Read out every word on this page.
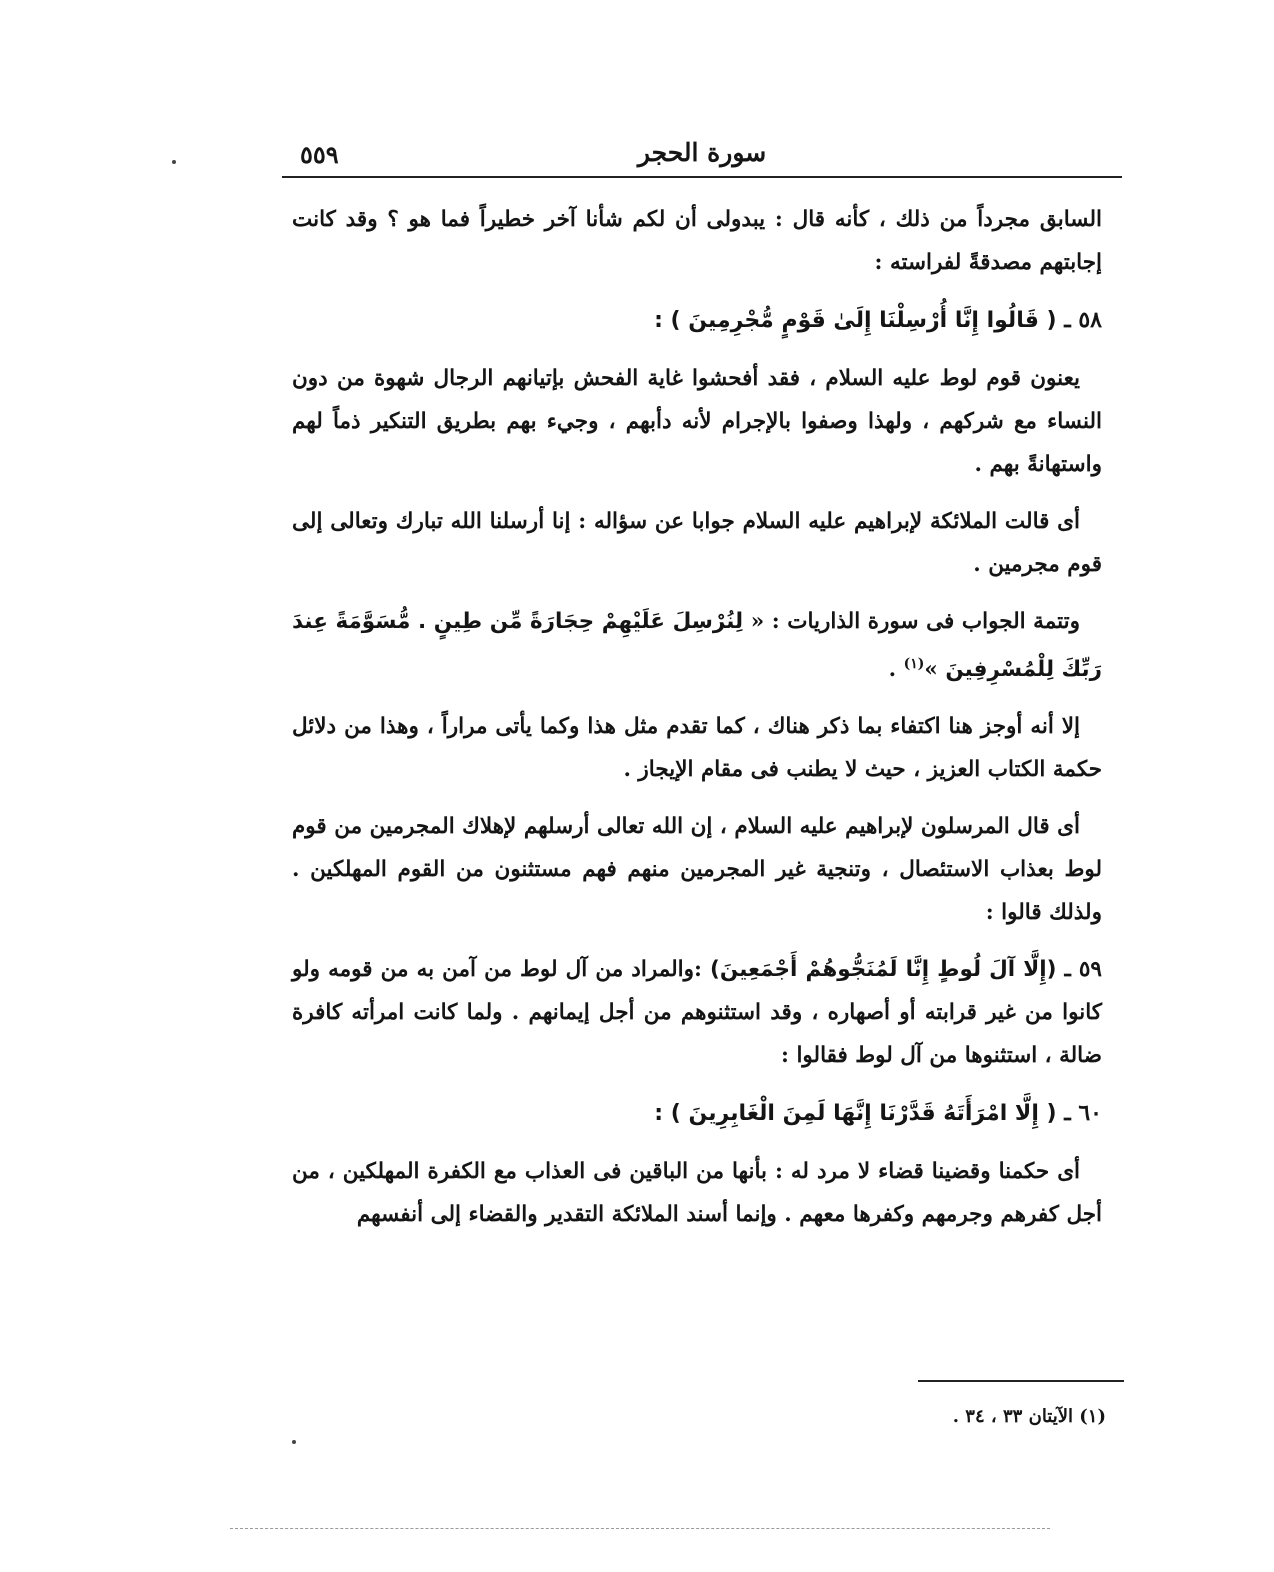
سورة الحجر
٥٥٩

السابق مجرداً من ذلك ، كأنه قال : يبدولى أن لكم شأنا آخر خطيراً فما هو ؟ وقد كانت إجابتهم مصدقةً لفراسته :

٥٨ ـ ( قَالُوا إِنَّا أُرْسِلْنَا إِلَىٰ قَوْمٍ مُّجْرِمِينَ ) :

يعنون قوم لوط عليه السلام ، فقد أفحشوا غاية الفحش بإتيانهم الرجال شهوة من دون النساء مع شركهم ، ولهذا وصفوا بالإجرام لأنه دأبهم ، وجيء بهم بطريق التنكير ذماً لهم واستهانةً بهم .

أى قالت الملائكة لإبراهيم عليه السلام جوابا عن سؤاله : إنا أرسلنا الله تبارك وتعالى إلى قوم مجرمين .

وتتمة الجواب فى سورة الذاريات : « لِنُرْسِلَ عَلَيْهِمْ حِجَارَةً مِّن طِينٍ . مُّسَوَّمَةً عِندَ رَبِّكَ لِلْمُسْرِفِينَ »$^{(١)}$ .

إلا أنه أوجز هنا اكتفاء بما ذكر هناك ، كما تقدم مثل هذا وكما يأتى مراراً ، وهذا من دلائل حكمة الكتاب العزيز ، حيث لا يطنب فى مقام الإيجاز .

أى قال المرسلون لإبراهيم عليه السلام ، إن الله تعالى أرسلهم لإهلاك المجرمين من قوم لوط بعذاب الاستئصال ، وتنجية غير المجرمين منهم فهم مستثنون من القوم المهلكين . ولذلك قالوا :

٥٩ ـ (إِلَّا آلَ لُوطٍ إِنَّا لَمُنَجُّوهُمْ أَجْمَعِينَ) :والمراد من آل لوط من آمن به من قومه ولو كانوا من غير قرابته أو أصهاره ، وقد استثنوهم من أجل إيمانهم . ولما كانت امرأته كافرة ضالة ، استثنوها من آل لوط فقالوا :

٦٠ ـ ( إِلَّا امْرَأَتَهُ قَدَّرْنَا إِنَّهَا لَمِنَ الْغَابِرِينَ ) :

أى حكمنا وقضينا قضاء لا مرد له : بأنها من الباقين فى العذاب مع الكفرة المهلكين ، من أجل كفرهم وجرمهم وكفرها معهم . وإنما أسند الملائكة التقدير والقضاء إلى أنفسهم

(١) الآيتان ٣٣ ، ٣٤ .
